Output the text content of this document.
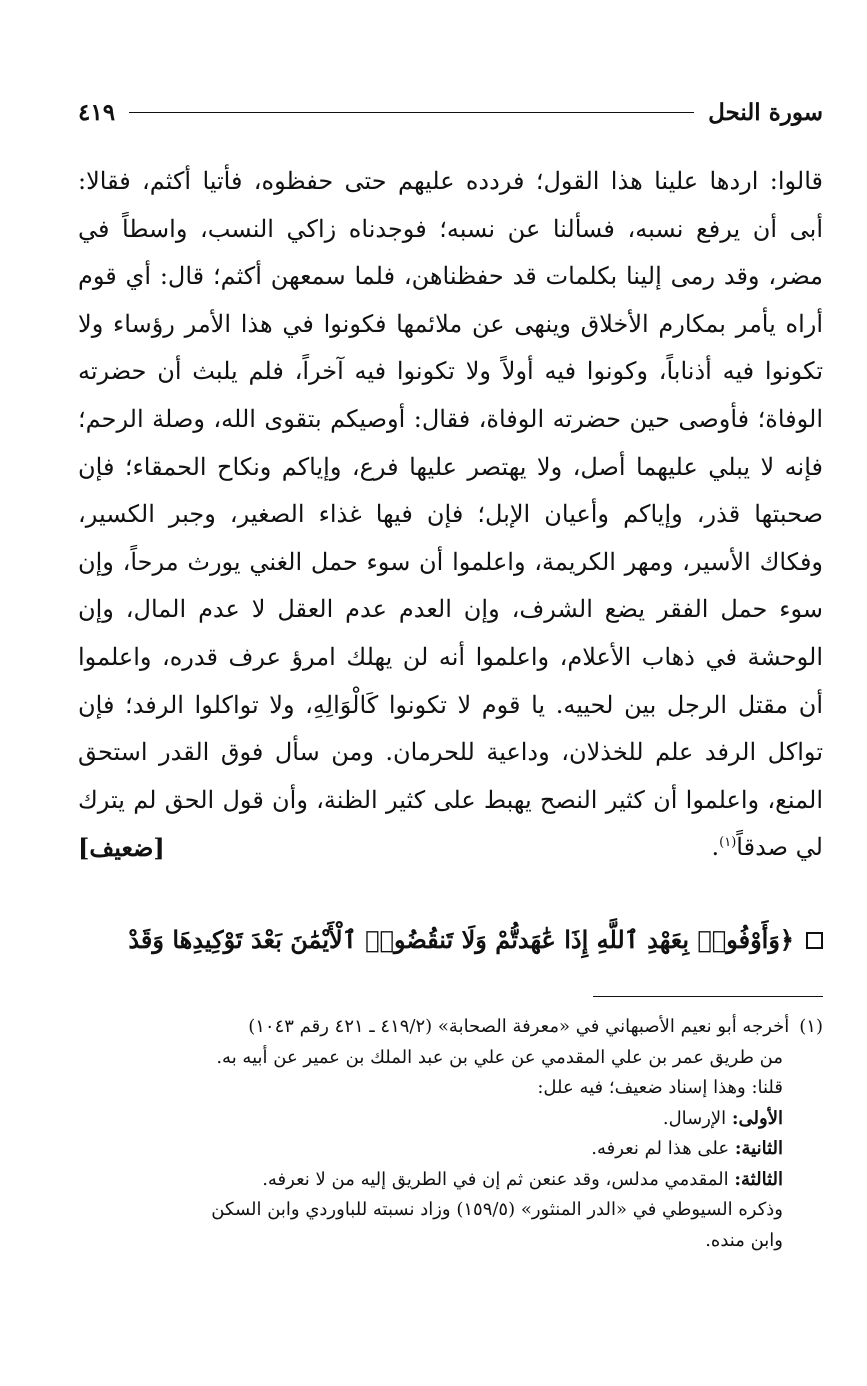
سورة النحل
٤١٩

قالوا: اردها علينا هذا القول؛ فردده عليهم حتى حفظوه، فأتيا أكثم، فقالا: أبى أن يرفع نسبه، فسألنا عن نسبه؛ فوجدناه زاكي النسب، واسطاً في مضر، وقد رمى إلينا بكلمات قد حفظناهن، فلما سمعهن أكثم؛ قال: أي قوم أراه يأمر بمكارم الأخلاق وينهى عن ملائمها فكونوا في هذا الأمر رؤساء ولا تكونوا فيه أذناباً، وكونوا فيه أولاً ولا تكونوا فيه آخراً، فلم يلبث أن حضرته الوفاة؛ فأوصى حين حضرته الوفاة، فقال: أوصيكم بتقوى الله، وصلة الرحم؛ فإنه لا يبلي عليهما أصل، ولا يهتصر عليها فرع، وإياكم ونكاح الحمقاء؛ فإن صحبتها قذر، وإياكم وأعيان الإبل؛ فإن فيها غذاء الصغير، وجبر الكسير، وفكاك الأسير، ومهر الكريمة، واعلموا أن سوء حمل الغني يورث مرحاً، وإن سوء حمل الفقر يضع الشرف، وإن العدم عدم العقل لا عدم المال، وإن الوحشة في ذهاب الأعلام، واعلموا أنه لن يهلك امرؤ عرف قدره، واعلموا أن مقتل الرجل بين لحييه. يا قوم لا تكونوا كَالْوَالِهِ، ولا تواكلوا الرفد؛ فإن تواكل الرفد علم للخذلان، وداعية للحرمان. ومن سأل فوق القدر استحق المنع، واعلموا أن كثير النصح يهبط على كثير الظنة، وأن قول الحق لم يترك لي صدقاً$^{(١)}$.
[ضعيف]

﴿وَأَوْفُوا۟ بِعَهْدِ ٱللَّهِ إِذَا عَٰهَدتُّمْ وَلَا تَنقُضُوا۟ ٱلْأَيْمَٰنَ بَعْدَ تَوْكِيدِهَا وَقَدْ
(١)
أخرجه أبو نعيم الأصبهاني في «معرفة الصحابة» (٤١٩/٢ ـ ٤٢١ رقم ١٠٤٣)

من طريق عمر بن علي المقدمي عن علي بن عبد الملك بن عمير عن أبيه به.

قلنا: وهذا إسناد ضعيف؛ فيه علل:

الأولى: الإرسال.

الثانية: على هذا لم نعرفه.

الثالثة: المقدمي مدلس، وقد عنعن ثم إن في الطريق إليه من لا نعرفه.

وذكره السيوطي في «الدر المنثور» (١٥٩/٥) وزاد نسبته للباوردي وابن السكن

وابن منده.
